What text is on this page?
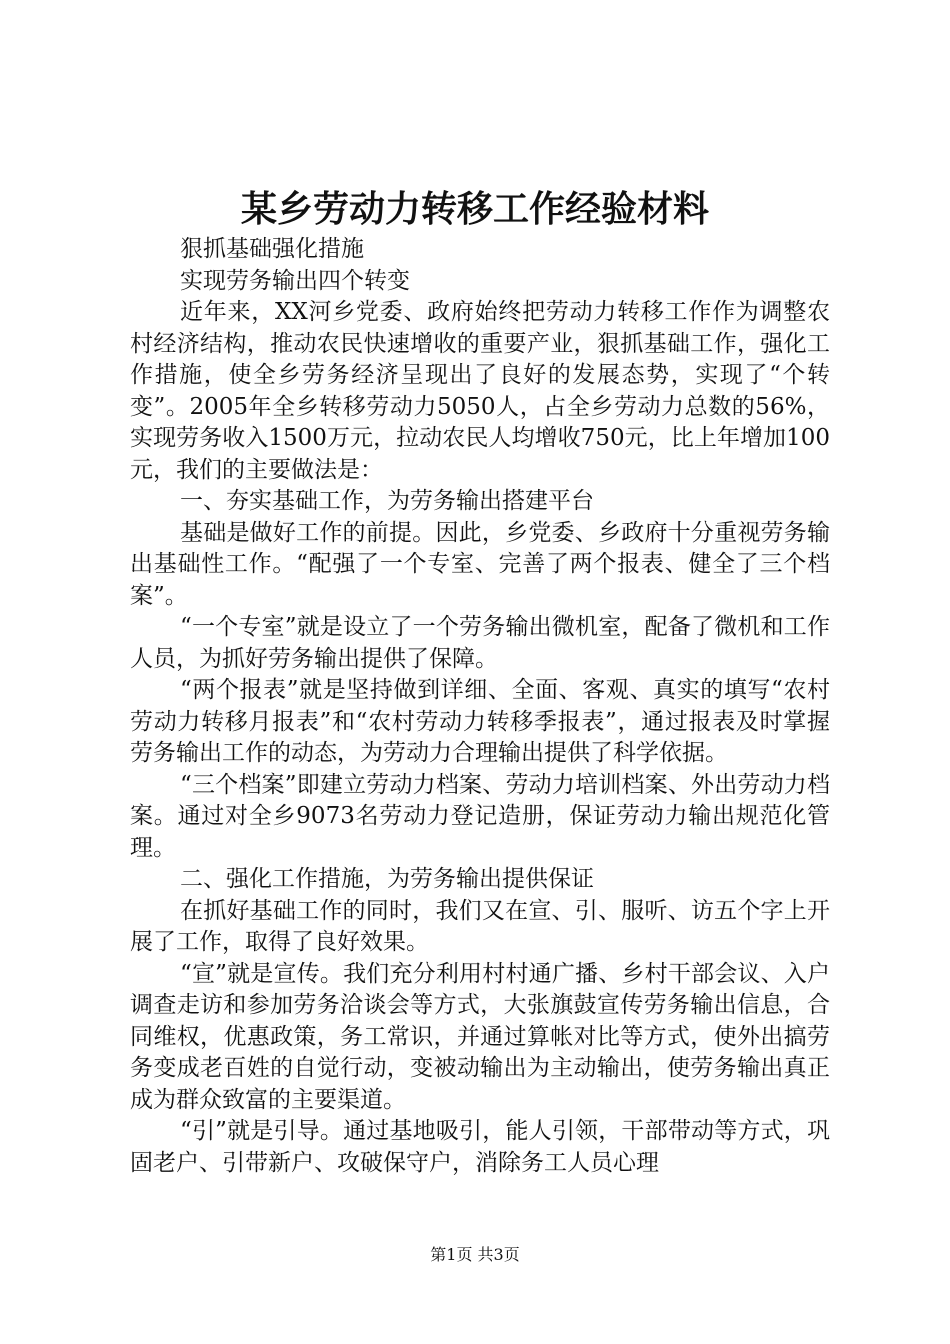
某乡劳动力转移工作经验材料

狠抓基础强化措施

实现劳务输出四个转变

近年来，XX河乡党委、政府始终把劳动力转移工作作为调整农村经济结构，推动农民快速增收的重要产业，狠抓基础工作，强化工作措施，使全乡劳务经济呈现出了良好的发展态势，实现了“个转变”。2005年全乡转移劳动力5050人，占全乡劳动力总数的56%，实现劳务收入1500万元，拉动农民人均增收750元，比上年增加100元，我们的主要做法是：

一、夯实基础工作，为劳务输出搭建平台

基础是做好工作的前提。因此，乡党委、乡政府十分重视劳务输出基础性工作。“配强了一个专室、完善了两个报表、健全了三个档案”。

“一个专室”就是设立了一个劳务输出微机室，配备了微机和工作人员，为抓好劳务输出提供了保障。

“两个报表”就是坚持做到详细、全面、客观、真实的填写“农村劳动力转移月报表”和“农村劳动力转移季报表”，通过报表及时掌握劳务输出工作的动态，为劳动力合理输出提供了科学依据。

“三个档案”即建立劳动力档案、劳动力培训档案、外出劳动力档案。通过对全乡9073名劳动力登记造册，保证劳动力输出规范化管理。

二、强化工作措施，为劳务输出提供保证

在抓好基础工作的同时，我们又在宣、引、服听、访五个字上开展了工作，取得了良好效果。

“宣”就是宣传。我们充分利用村村通广播、乡村干部会议、入户调查走访和参加劳务洽谈会等方式，大张旗鼓宣传劳务输出信息，合同维权，优惠政策，务工常识，并通过算帐对比等方式，使外出搞劳务变成老百姓的自觉行动，变被动输出为主动输出，使劳务输出真正成为群众致富的主要渠道。

“引”就是引导。通过基地吸引，能人引领，干部带动等方式，巩固老户、引带新户、攻破保守户，消除务工人员心理

第1页 共3页
